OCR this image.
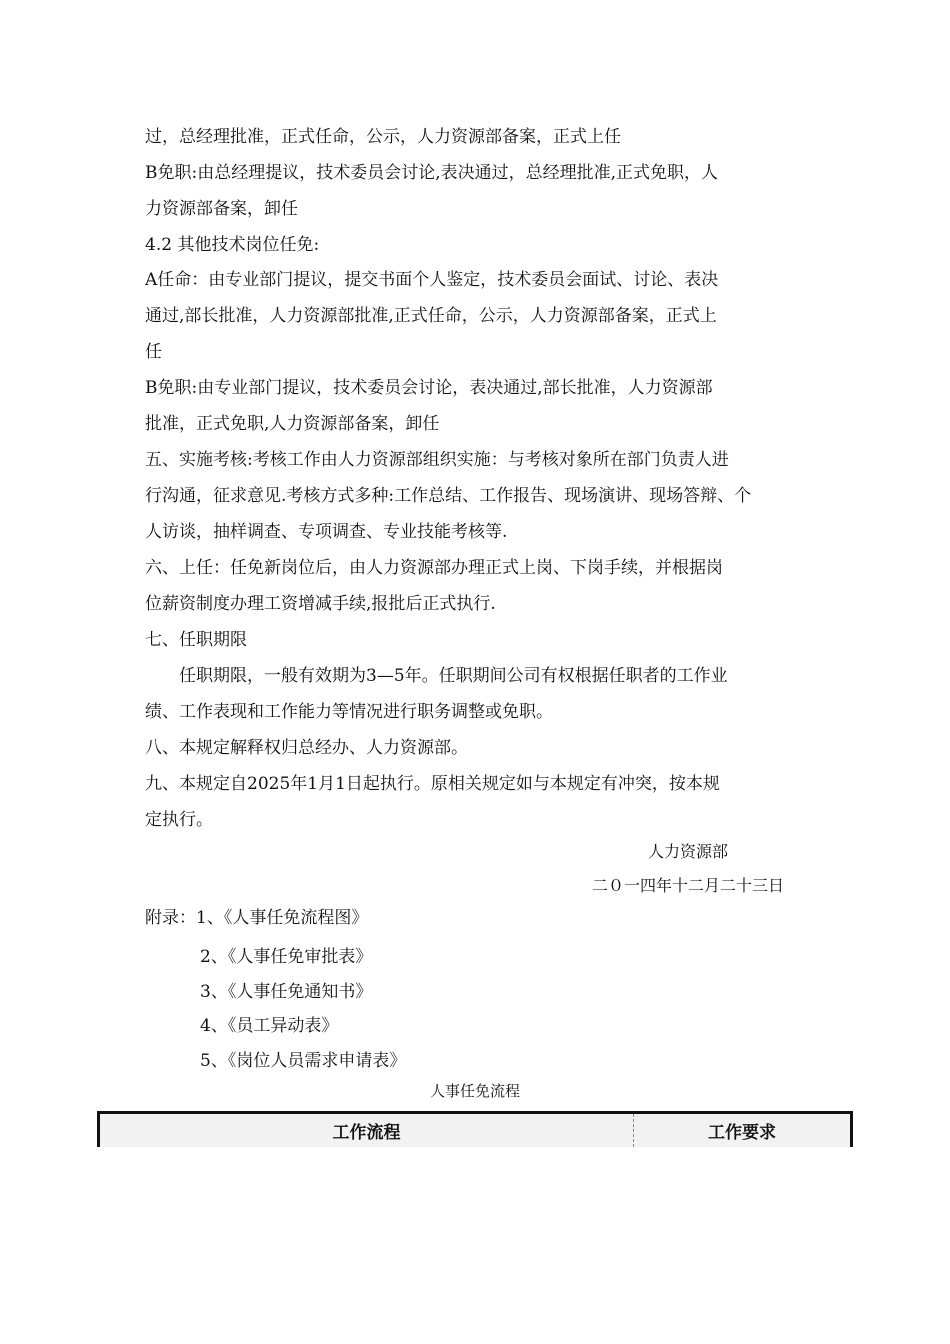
过，总经理批准，正式任命，公示，人力资源部备案，正式上任

B免职:由总经理提议，技术委员会讨论,表决通过，总经理批准,正式免职，人

力资源部备案，卸任

4.2 其他技术岗位任免:

A任命：由专业部门提议，提交书面个人鉴定，技术委员会面试、讨论、表决

通过,部长批准，人力资源部批准,正式任命，公示，人力资源部备案，正式上

任

B免职:由专业部门提议，技术委员会讨论，表决通过,部长批准，人力资源部

批准，正式免职,人力资源部备案，卸任

五、实施考核:考核工作由人力资源部组织实施：与考核对象所在部门负责人进

行沟通，征求意见.考核方式多种:工作总结、工作报告、现场演讲、现场答辩、个

人访谈，抽样调查、专项调查、专业技能考核等.

六、上任：任免新岗位后，由人力资源部办理正式上岗、下岗手续，并根据岗

位薪资制度办理工资增减手续,报批后正式执行.

七、任职期限

任职期限，一般有效期为3—5年。任职期间公司有权根据任职者的工作业

绩、工作表现和工作能力等情况进行职务调整或免职。

八、本规定解释权归总经办、人力资源部。

九、本规定自2025年1月1日起执行。原相关规定如与本规定有冲突，按本规

定执行。

人力资源部
二０一四年十二月二十三日
附录：1、《人事任免流程图》
2、《人事任免审批表》
3、《人事任免通知书》
4、《员工异动表》
5、《岗位人员需求申请表》
人事任免流程
工作流程	工作要求
